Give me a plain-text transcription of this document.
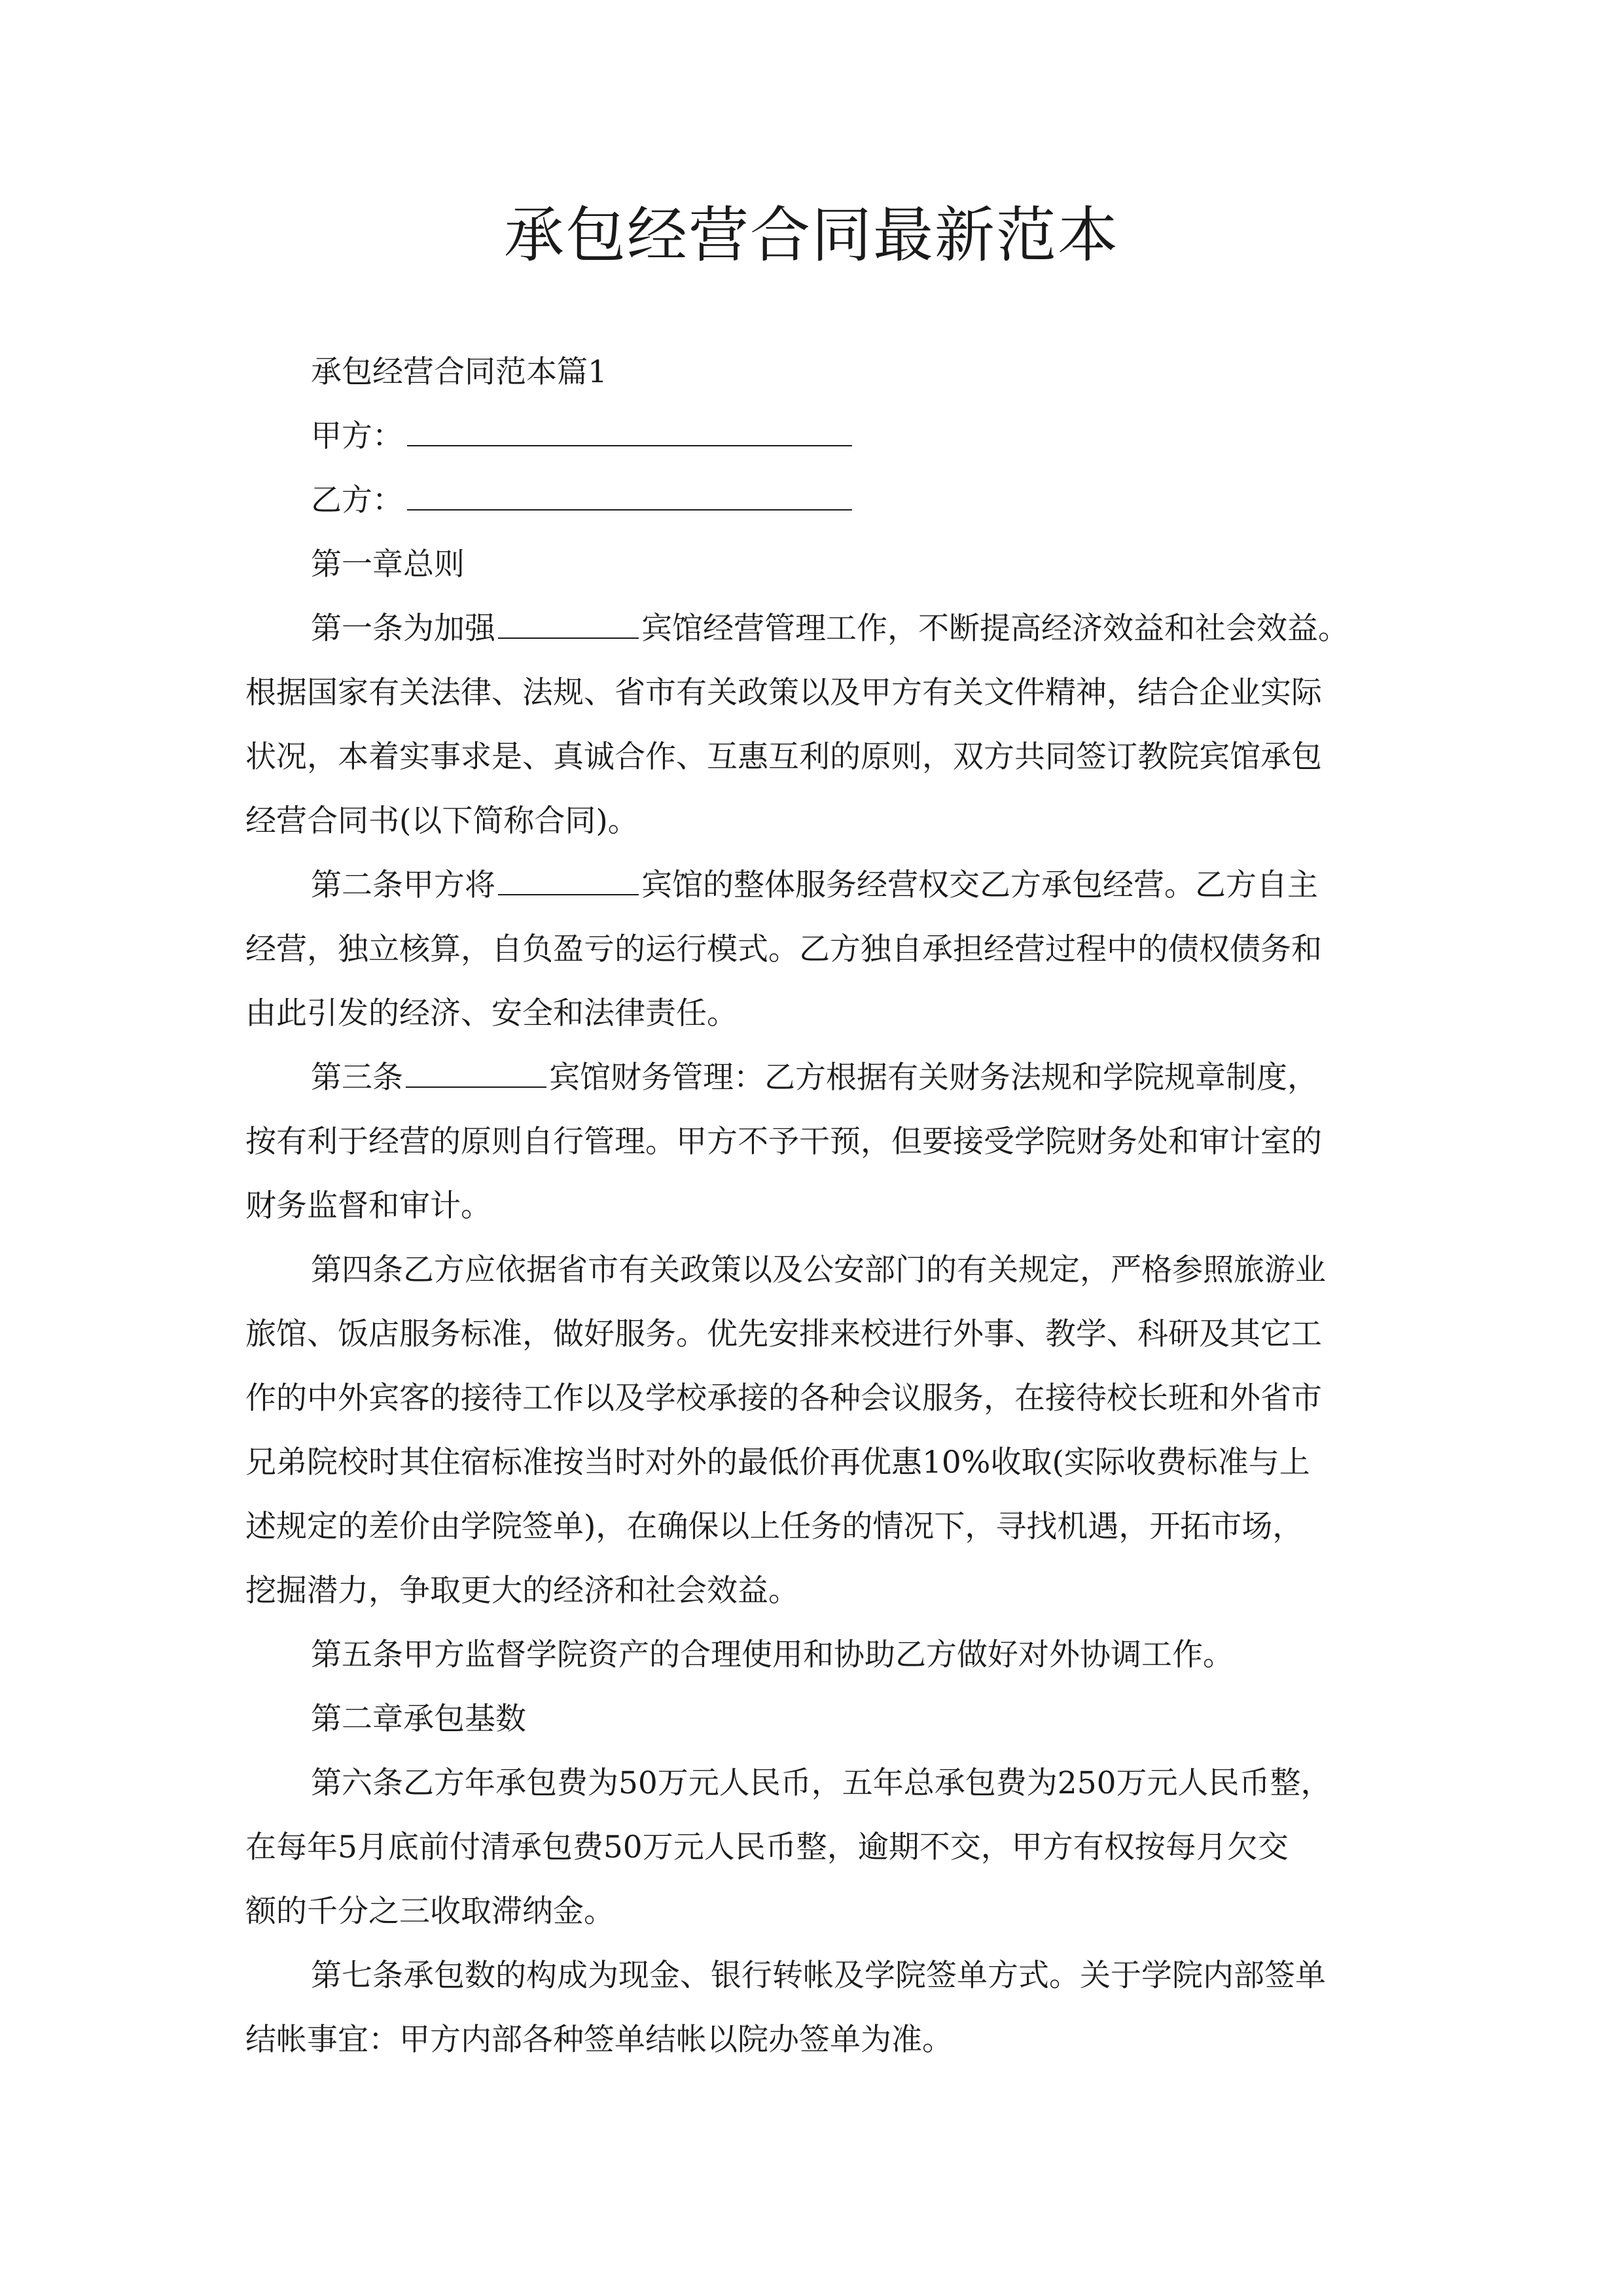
承包经营合同最新范本
承包经营合同范本篇1
甲方：
乙方：
第一章总则
第一条为加强	宾馆经营管理工作，不断提高经济效益和社会效益。
根据国家有关法律、法规、省市有关政策以及甲方有关文件精神，结合企业实际
状况，本着实事求是、真诚合作、互惠互利的原则，双方共同签订教院宾馆承包
经营合同书(以下简称合同)。
第二条甲方将	宾馆的整体服务经营权交乙方承包经营。乙方自主
经营，独立核算，自负盈亏的运行模式。乙方独自承担经营过程中的债权债务和
由此引发的经济、安全和法律责任。
第三条	宾馆财务管理：乙方根据有关财务法规和学院规章制度，
按有利于经营的原则自行管理。甲方不予干预，但要接受学院财务处和审计室的
财务监督和审计。
第四条乙方应依据省市有关政策以及公安部门的有关规定，严格参照旅游业
旅馆、饭店服务标准，做好服务。优先安排来校进行外事、教学、科研及其它工
作的中外宾客的接待工作以及学校承接的各种会议服务，在接待校长班和外省市
兄弟院校时其住宿标准按当时对外的最低价再优惠10%收取(实际收费标准与上
述规定的差价由学院签单)，在确保以上任务的情况下，寻找机遇，开拓市场，
挖掘潜力，争取更大的经济和社会效益。
第五条甲方监督学院资产的合理使用和协助乙方做好对外协调工作。
第二章承包基数
第六条乙方年承包费为50万元人民币，五年总承包费为250万元人民币整，
在每年5月底前付清承包费50万元人民币整，逾期不交，甲方有权按每月欠交
额的千分之三收取滞纳金。
第七条承包数的构成为现金、银行转帐及学院签单方式。关于学院内部签单
结帐事宜：甲方内部各种签单结帐以院办签单为准。
